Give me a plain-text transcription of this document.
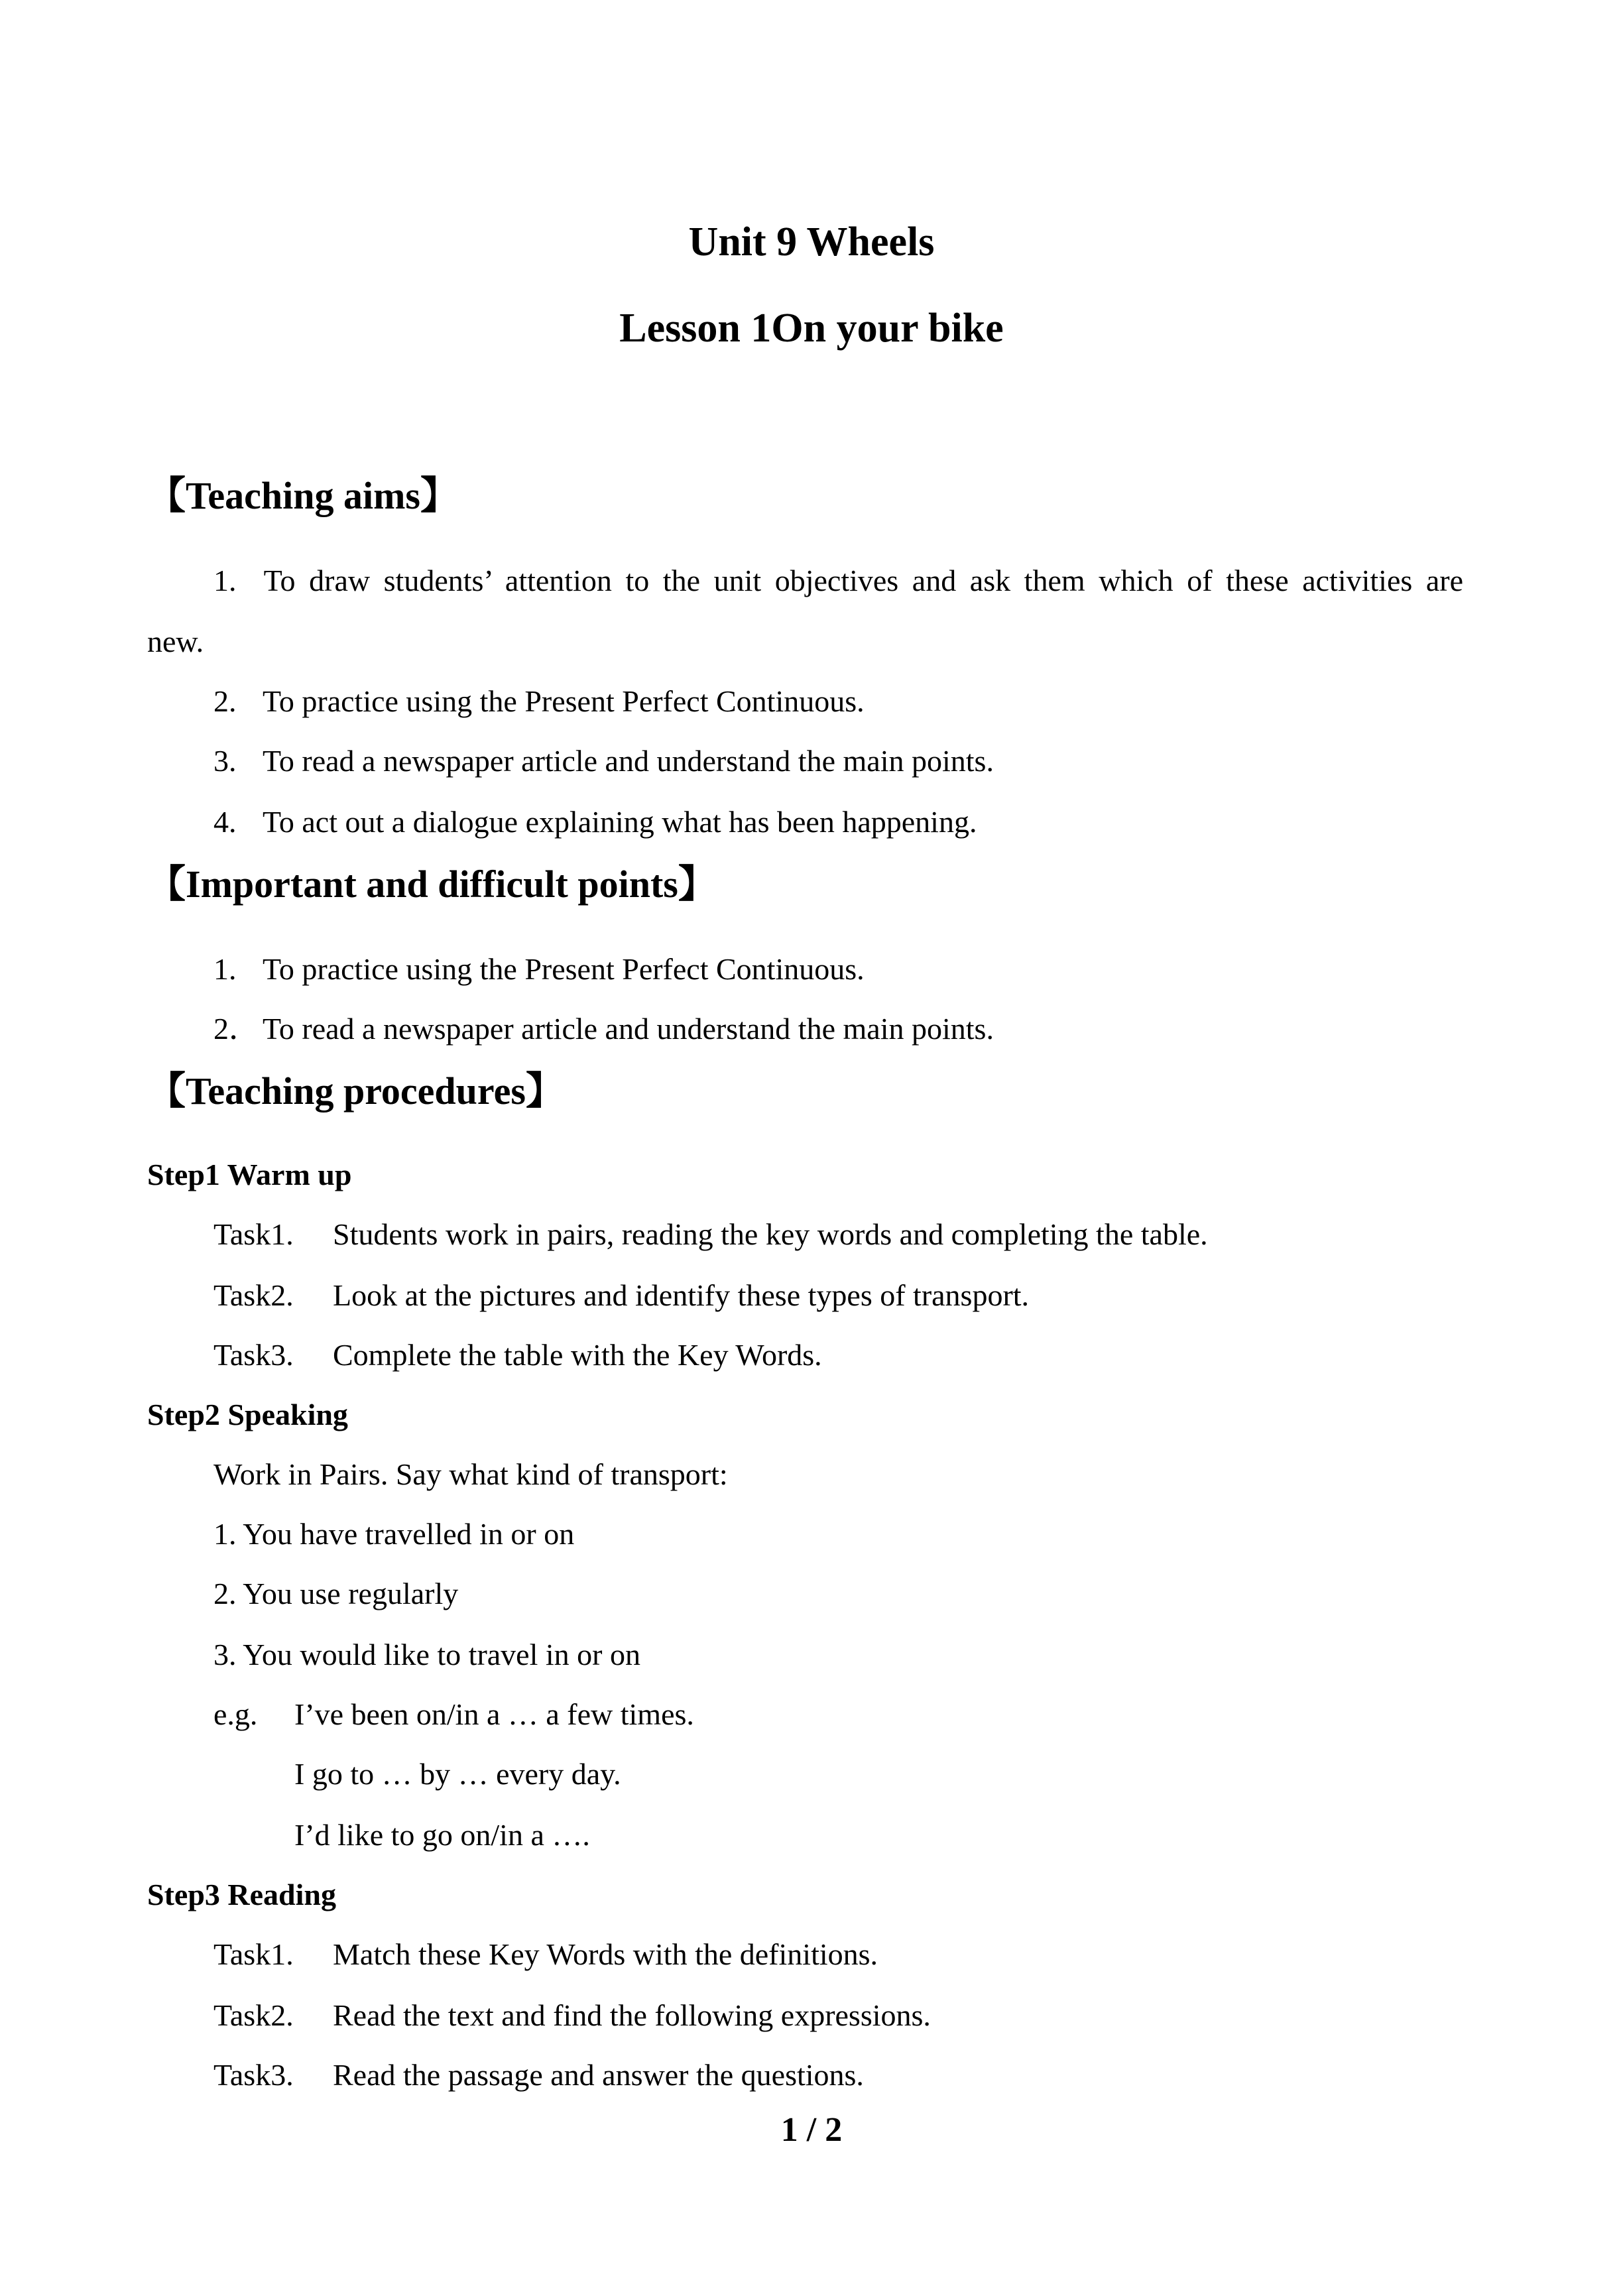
Unit 9 Wheels
Lesson 1On your bike
【Teaching aims】
1. To draw students’ attention to the unit objectives and ask them which of these activities are
new.
2. To practice using the Present Perfect Continuous.
3. To read a newspaper article and understand the main points.
4. To act out a dialogue explaining what has been happening.
【Important and difficult points】
1. To practice using the Present Perfect Continuous.
2． To read a newspaper article and understand the main points.
【Teaching procedures】
Step1 Warm up
Task1. Students work in pairs, reading the key words and completing the table.
Task2. Look at the pictures and identify these types of transport.
Task3. Complete the table with the Key Words.
Step2 Speaking
Work in Pairs. Say what kind of transport:
1. You have travelled in or on
2. You use regularly
3. You would like to travel in or on
e.g. I’ve been on/in a … a few times.
I go to … by … every day.
I’d like to go on/in a ….
Step3 Reading
Task1. Match these Key Words with the definitions.
Task2. Read the text and find the following expressions.
Task3. Read the passage and answer the questions.
1 / 2
